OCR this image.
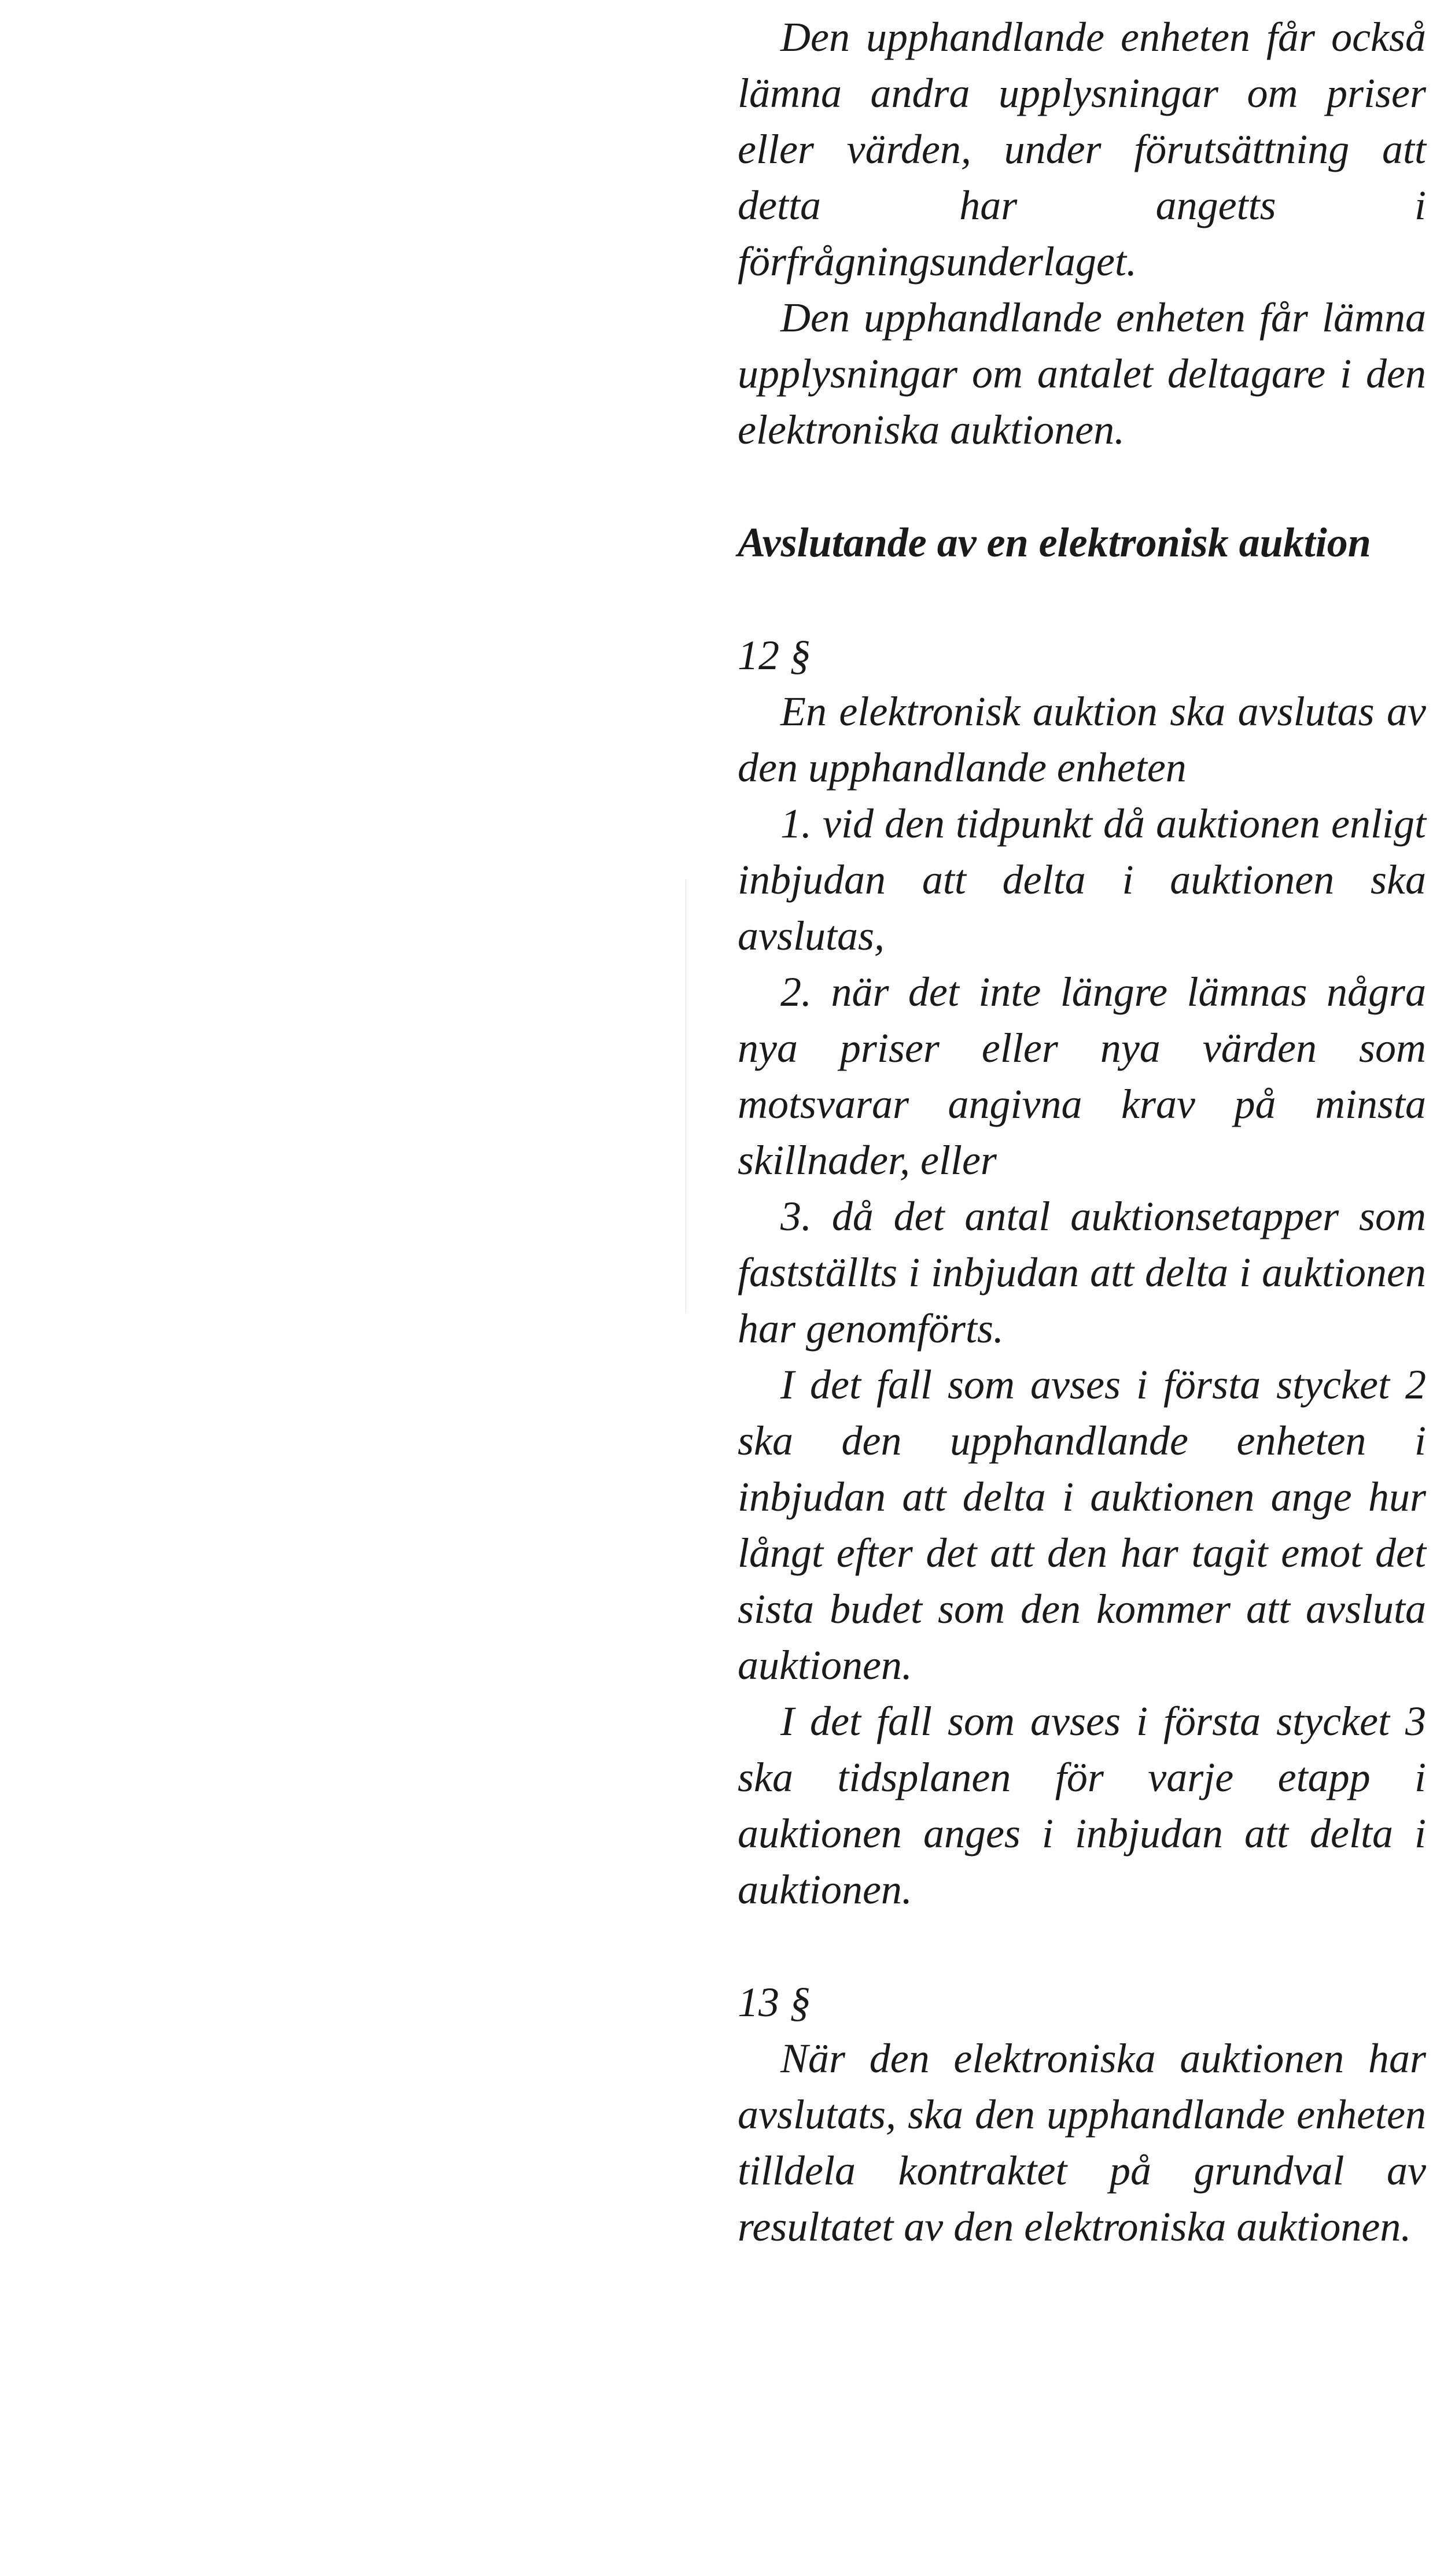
Den upphandlande enheten får också lämna andra upplysningar om priser eller värden, under förutsättning att detta har angetts i förfrågningsunderlaget.

Den upphandlande enheten får lämna upplysningar om antalet deltagare i den elektroniska auktionen.

Avslutande av en elektronisk auktion

12 §

En elektronisk auktion ska avslutas av den upphandlande enheten

1. vid den tidpunkt då auktionen enligt inbjudan att delta i auktionen ska avslutas,

2. när det inte längre lämnas några nya priser eller nya värden som motsvarar angivna krav på minsta skillnader, eller

3. då det antal auktionsetapper som fastställts i inbjudan att delta i auktionen har genomförts.

I det fall som avses i första stycket 2 ska den upphandlande enheten i inbjudan att delta i auktionen ange hur långt efter det att den har tagit emot det sista budet som den kommer att avsluta auktionen.

I det fall som avses i första stycket 3 ska tidsplanen för varje etapp i auktionen anges i inbjudan att delta i auktionen.

13 §

När den elektroniska auktionen har avslutats, ska den upphandlande enheten tilldela kontraktet på grundval av resultatet av den elektroniska auktionen.
